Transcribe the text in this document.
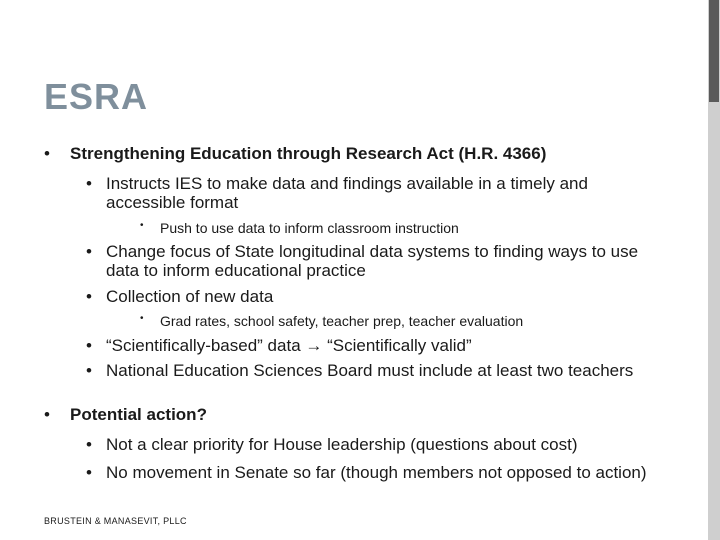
ESRA
• Strengthening Education through Research Act (H.R. 4366)
• Instructs IES to make data and findings available in a timely and accessible format
• Push to use data to inform classroom instruction
• Change focus of State longitudinal data systems to finding ways to use data to inform educational practice
• Collection of new data
• Grad rates, school safety, teacher prep, teacher evaluation
• “Scientifically-based” data → “Scientifically valid”
• National Education Sciences Board must include at least two teachers
• Potential action?
• Not a clear priority for House leadership (questions about cost)
• No movement in Senate so far (though members not opposed to action)
BRUSTEIN & MANASEVIT, PLLC
